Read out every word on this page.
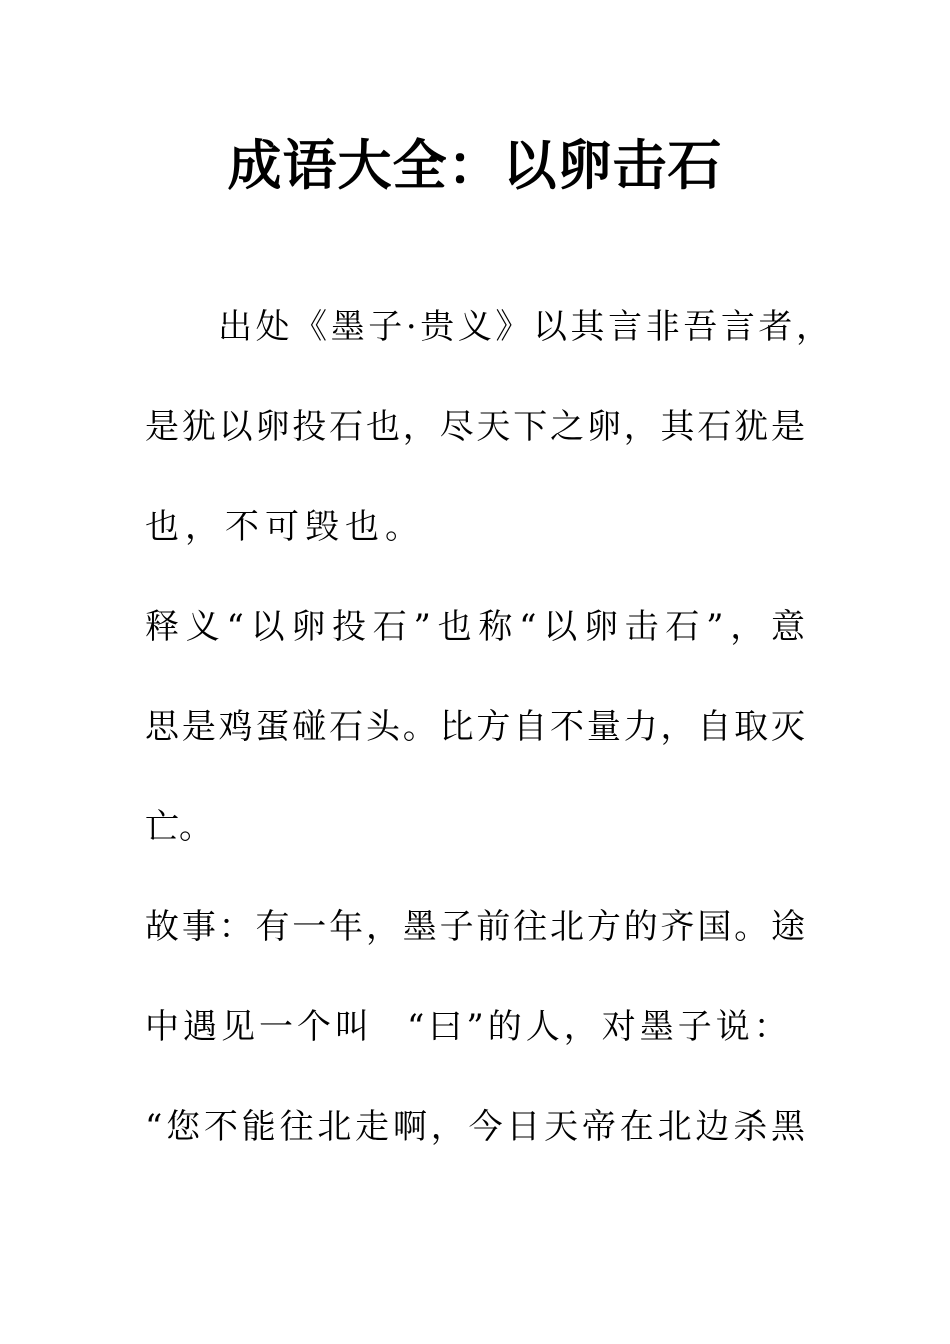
成语大全：以卵击石
出处《墨子·贵义》以其言非吾言者，
是犹以卵投石也，尽天下之卵，其石犹是
也，不可毁也。
释义“以卵投石”也称“以卵击石”，意
思是鸡蛋碰石头。比方自不量力，自取灭
亡。
故事：有一年，墨子前往北方的齐国。途
中遇见一个叫 “曰”的人，对墨子说：
“您不能往北走啊，今日天帝在北边杀黑
